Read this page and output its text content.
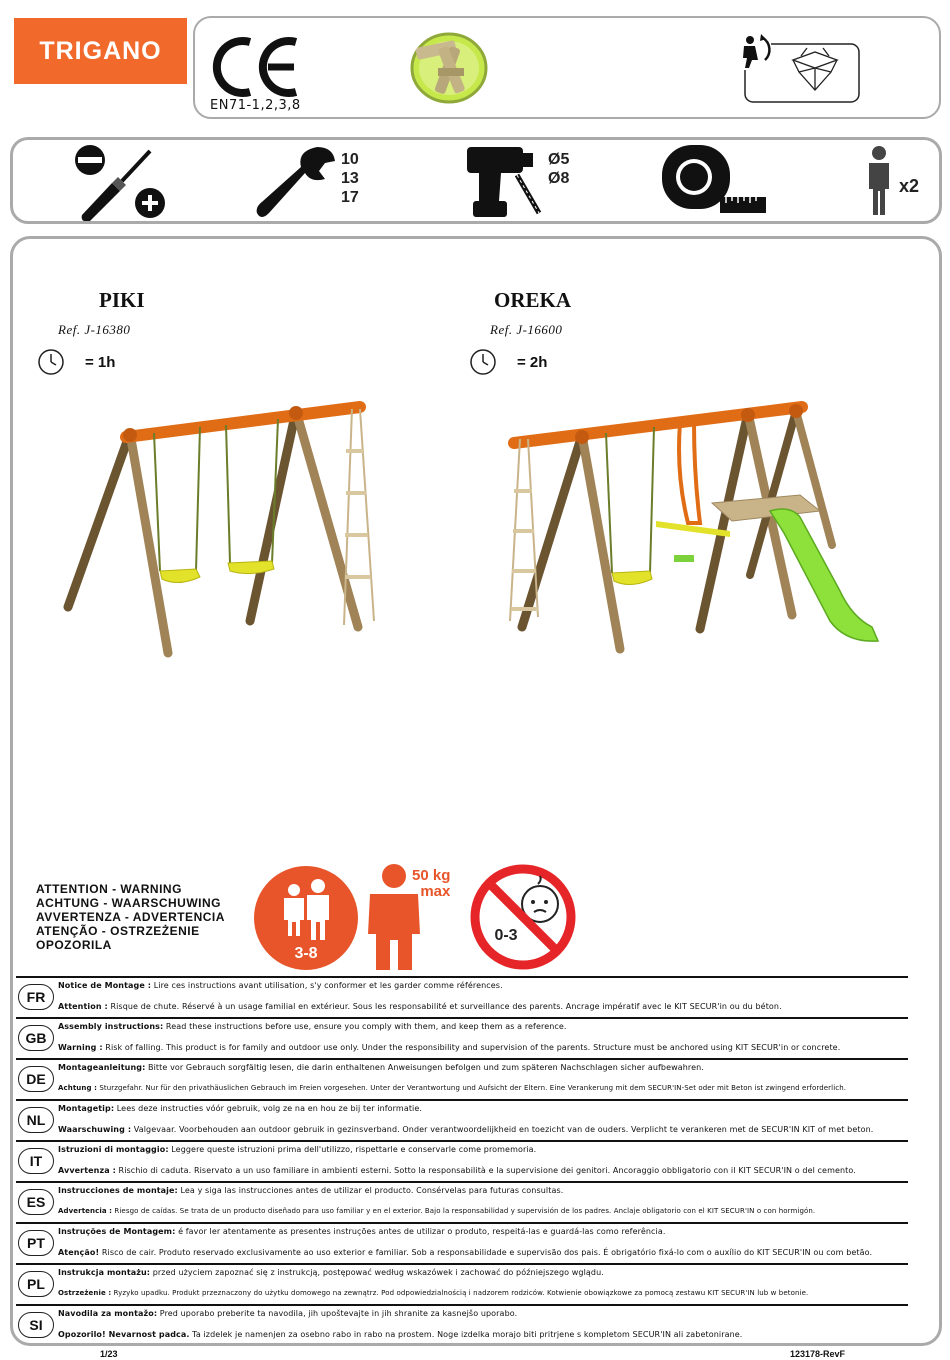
TRIGANO
EN71-1,2,3,8
10
13
17
Ø5
Ø8	x2
PIKI
Ref. J-16380
= 1h
OREKA
Ref. J-16600
= 2h
ATTENTION - WARNING
ACHTUNG - WAARSCHUWING
AVVERTENZA - ADVERTENCIA
ATENÇÃO - OSTRZEŻENIE
OPOZORILA	3-8
50 kg
max
0-3
FR
Notice de Montage : Lire ces instructions avant utilisation, s'y conformer et les garder comme références.
Attention : Risque de chute. Réservé à un usage familial en extérieur. Sous les responsabilité et surveillance des parents. Ancrage impératif avec le KIT SECUR'in ou du béton.
GB
Assembly instructions: Read these instructions before use, ensure you comply with them, and keep them as a reference.
Warning : Risk of falling. This product is for family and outdoor use only. Under the responsibility and supervision of the parents. Structure must be anchored using KIT SECUR'in or concrete.
DE
Montageanleitung: Bitte vor Gebrauch sorgfältig lesen, die darin enthaltenen Anweisungen befolgen und zum späteren Nachschlagen sicher aufbewahren.
Achtung : Sturzgefahr. Nur für den privathäuslichen Gebrauch im Freien vorgesehen. Unter der Verantwortung und Aufsicht der Eltern. Eine Verankerung mit dem SECUR'IN-Set oder mit Beton ist zwingend erforderlich.
NL
Montagetip: Lees deze instructies vóór gebruik, volg ze na en hou ze bij ter informatie.
Waarschuwing : Valgevaar. Voorbehouden aan outdoor gebruik in gezinsverband. Onder verantwoordelijkheid en toezicht van de ouders. Verplicht te verankeren met de SECUR'IN KIT of met beton.
IT
Istruzioni di montaggio: Leggere queste istruzioni prima dell'utilizzo, rispettarle e conservarle come promemoria.
Avvertenza : Rischio di caduta. Riservato a un uso familiare in ambienti esterni. Sotto la responsabilità e la supervisione dei genitori. Ancoraggio obbligatorio con il KIT SECUR'IN o del cemento.
ES
Instrucciones de montaje: Lea y siga las instrucciones antes de utilizar el producto. Consérvelas para futuras consultas.
Advertencia : Riesgo de caídas. Se trata de un producto diseñado para uso familiar y en el exterior. Bajo la responsabilidad y supervisión de los padres. Anclaje obligatorio con el KIT SECUR'IN o con hormigón.
PT
Instruções de Montagem: é favor ler atentamente as presentes instruções antes de utilizar o produto, respeitá-las e guardá-las como referência.
Atenção! Risco de cair. Produto reservado exclusivamente ao uso exterior e familiar. Sob a responsabilidade e supervisão dos pais. É obrigatório fixá-lo com o auxílio do KIT SECUR'IN ou com betão.
PL
Instrukcja montażu: przed użyciem zapoznać się z instrukcją, postępować według wskazówek i zachować do późniejszego wglądu.
Ostrzeżenie : Ryzyko upadku. Produkt przeznaczony do użytku domowego na zewnątrz. Pod odpowiedzialnością i nadzorem rodziców. Kotwienie obowiązkowe za pomocą zestawu KIT SECUR'IN lub w betonie.
SI
Navodila za montažo: Pred uporabo preberite ta navodila, jih upoštevajte in jih shranite za kasnejšo uporabo.
Opozorilo! Nevarnost padca. Ta izdelek je namenjen za osebno rabo in rabo na prostem. Noge izdelka morajo biti pritrjene s kompletom SECUR'IN ali zabetonirane.
1/23	123178-RevF
